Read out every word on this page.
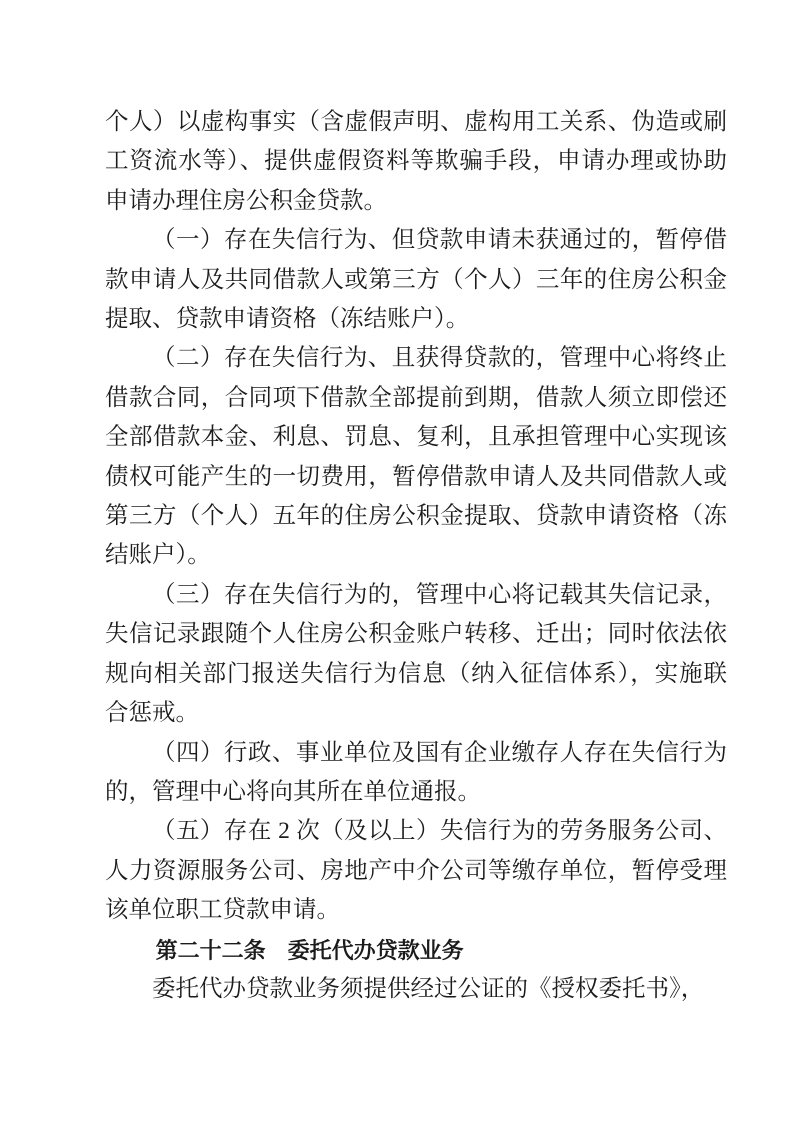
个人）以虚构事实（含虚假声明、虚构用工关系、伪造或刷工资流水等）、提供虚假资料等欺骗手段，申请办理或协助申请办理住房公积金贷款。

（一）存在失信行为、但贷款申请未获通过的，暂停借款申请人及共同借款人或第三方（个人）三年的住房公积金提取、贷款申请资格（冻结账户）。

（二）存在失信行为、且获得贷款的，管理中心将终止借款合同，合同项下借款全部提前到期，借款人须立即偿还全部借款本金、利息、罚息、复利，且承担管理中心实现该债权可能产生的一切费用，暂停借款申请人及共同借款人或第三方（个人）五年的住房公积金提取、贷款申请资格（冻结账户）。

（三）存在失信行为的，管理中心将记载其失信记录，失信记录跟随个人住房公积金账户转移、迁出；同时依法依规向相关部门报送失信行为信息（纳入征信体系），实施联合惩戒。

（四）行政、事业单位及国有企业缴存人存在失信行为的，管理中心将向其所在单位通报。

（五）存在 2 次（及以上）失信行为的劳务服务公司、人力资源服务公司、房地产中介公司等缴存单位，暂停受理该单位职工贷款申请。

第二十二条　委托代办贷款业务

委托代办贷款业务须提供经过公证的《授权委托书》，
